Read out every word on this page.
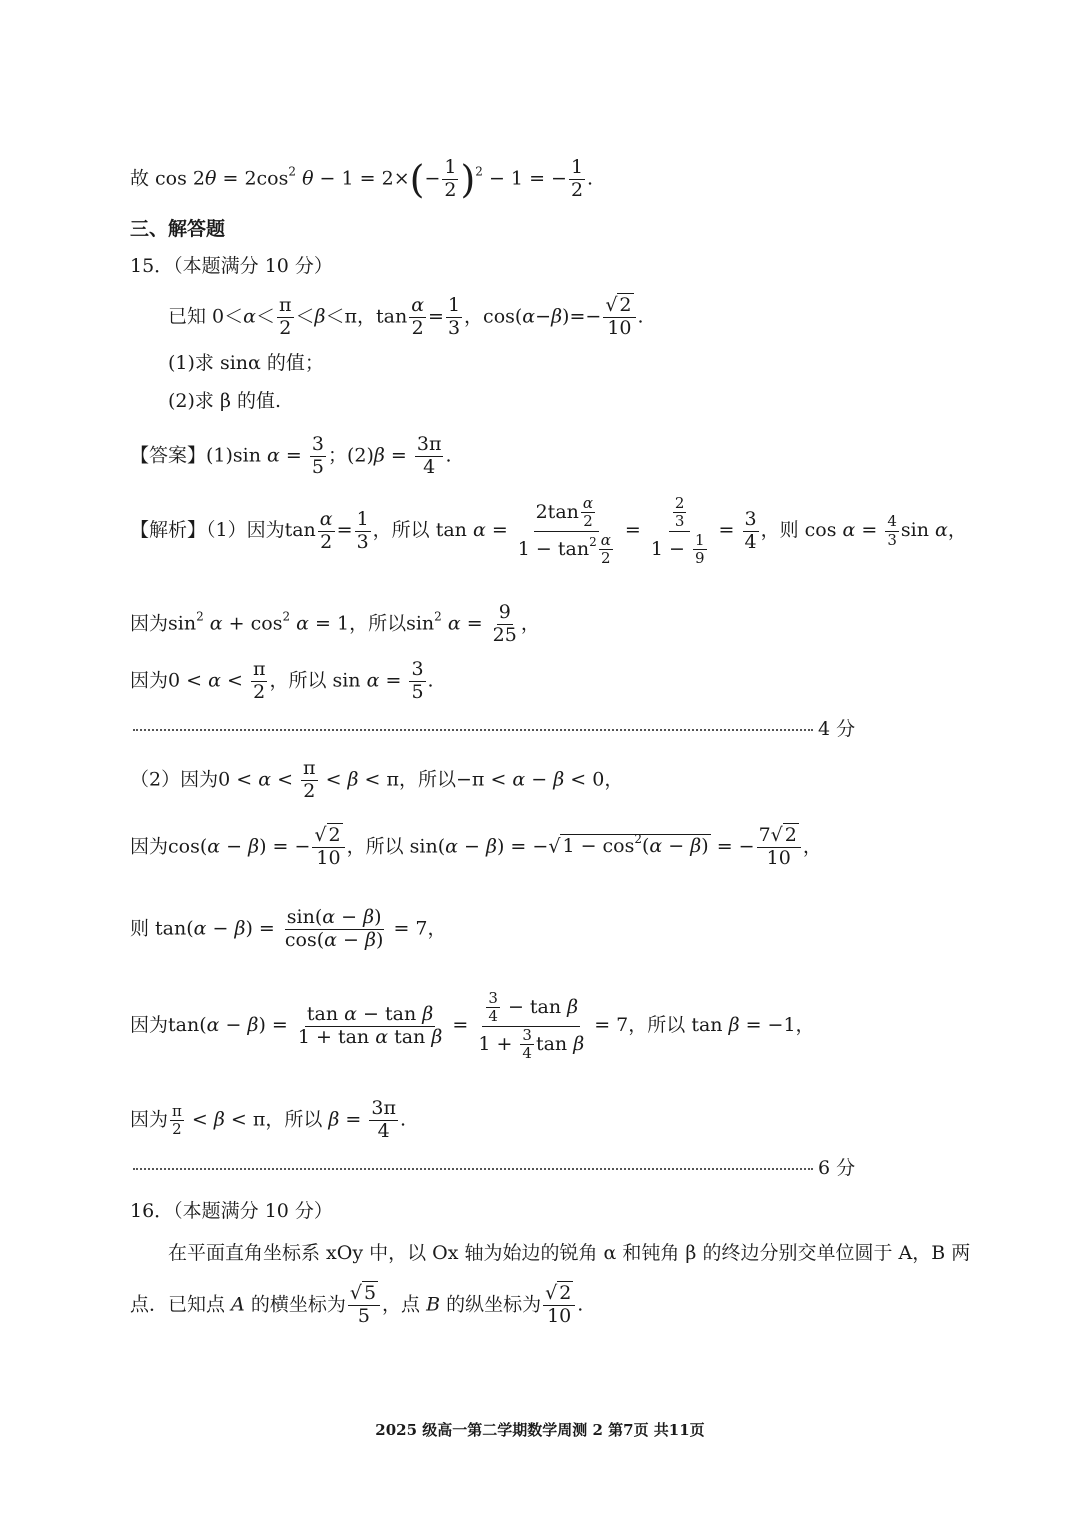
故 $\cos 2\theta = 2\cos^2$ $\theta - 1 = 2\times(- \frac{1}{2} )^2 - 1$ = − $\frac{1}{2}$ .
三、解答题
15．（本题满分 10 分）
已知 $0<\alpha< \frac{\pi}{2} <\beta<\pi$，$\tan \frac{\alpha}{2} = \frac{1}{3}$ ，$\cos(\alpha-\beta)=- \frac{√ 2}{10}$ .
(1)求 sinα 的值；
(2)求 β 的值.
【答案】(1)sin $\alpha = \frac{3}{5}$ ；$(2)\beta = \frac{3\pi}{4}$ .
【解析】（1）因为$\tan \frac{\alpha}{2} = \frac{1}{3}$ ，所以 $\tan \alpha = \frac{2\tan \frac{\alpha}{2}}{1 - \tan^2 \frac{\alpha}{2}} = \frac{\frac{2}{3}}{1 - \frac{1}{9}} = \frac{3}{4}$ ，则 $\cos \alpha = \frac{4}{3}$ sin α，
因为$\sin^2 \alpha + \cos^2 \alpha = 1$，所以$\sin^2 \alpha = \frac{9}{25}$ ，
因为$0 < \alpha < \frac{\pi}{2}$ ，所以 $\sin \alpha = \frac{3}{5}$ .
4 分
（2）因为$0 < \alpha < \frac{\pi}{2} < \beta < \pi$，所以−π < α − β < 0，
因为cos(α − β) = − $\frac{√ 2}{10}$ ，所以 sin(α − β) = −√ $1 - \cos^2(\alpha - \beta)$ = − $\frac{7√ 2}{10}$ ，
则 $\tan(\alpha - \beta) = \frac{\sin(\alpha - \beta)}{\cos(\alpha - \beta)} = 7$，
因为$\tan(\alpha - \beta) = \frac{\text{tan α − tan β}}{\text{1 + tan α tan β}} = \frac{\frac{3}{4} - \tan \beta}{1 + \frac{3}{4} \tan \beta} = 7$，所以 tan β = −1，
因为 $\frac{\pi}{2} < \beta < \pi$，所以 $\beta = \frac{3\pi}{4}$ .
6 分
16．（本题满分 10 分）
在平面直角坐标系 xOy 中，以 Ox 轴为始边的锐角 α 和钝角 β 的终边分别交单位圆于 A，B 两
点．已知点 A 的横坐标为 $\frac{√ 5}{5}$ ，点 B 的纵坐标为 $\frac{√ 2}{10}$ .
2025 级高一第二学期数学周测 2 第7页 共11页
